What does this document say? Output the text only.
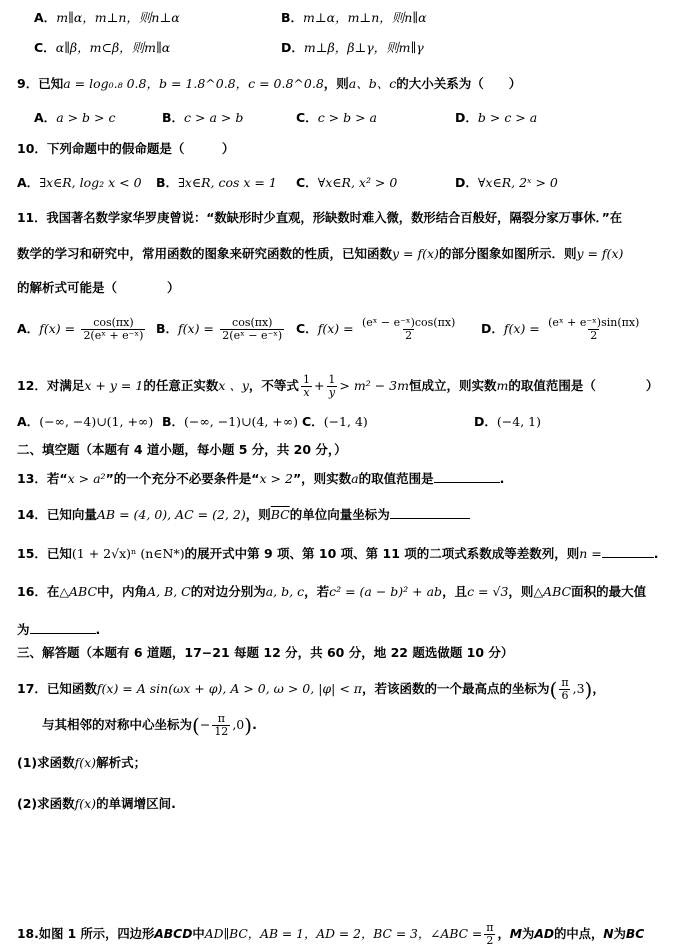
A．m∥α，m⊥n，则n⊥α	B．m⊥α，m⊥n，则n∥α
C．α∥β，m⊂β，则m∥α	D．m⊥β，β⊥γ，则m∥γ
9．已知a = log₀.₈ 0.8，b = 1.8^0.8，c = 0.8^0.8，则a、b、c的大小关系为（　　）
A．a > b > c	B．c > a > b	C．c > b > a	D．b > c > a
10．下列命题中的假命题是（　　　）
A．∃x∈R, log₂ x < 0 B．∃x∈R, cos x = 1 C．∀x∈R, x² > 0	D．∀x∈R, 2ˣ > 0
11．我国著名数学家华罗庚曾说：“数缺形时少直观，形缺数时难入微，数形结合百般好，隔裂分家万事休．”在
数学的学习和研究中，常用函数的图象来研究函数的性质，已知函数y = f(x)的部分图象如图所示．则y = f(x)
的解析式可能是（　　　　）
A．$f(x) = \frac{\cos(\pi x)}{\text{2(eˣ + e⁻ˣ)}}$ B．$f(x) = \frac{\cos(\pi x)}{\text{2(eˣ − e⁻ˣ)}}$ C．$f(x) = \frac{\text{(eˣ − e⁻ˣ)cos(πx)}}{2}$ D．$f(x) = \frac{\text{(eˣ + e⁻ˣ)sin(πx)}}{2}$
12．对满足x + y = 1的任意正实数x 、y，不等式 $\frac{1}{x} + \frac{1}{y} > m^2 - 3m$恒成立，则实数m的取值范围是（　　　　）
A．(−∞, −4)∪(1, +∞) B．(−∞, −1)∪(4, +∞) C．(−1, 4)	D．(−4, 1)
二、填空题（本题有 4 道小题，每小题 5 分，共 20 分，）
13．若“x > a²”的一个充分不必要条件是“x > 2”，则实数a的取值范围是	.
14．已知向量AB = (4, 0), AC = (2, 2)，则$\overline{BC}$的单位向量坐标为
15．已知(1 + 2√x)ⁿ (n∈N*)的展开式中第 9 项、第 10 项、第 11 项的二项式系数成等差数列，则n =	.
16．在△ABC中，内角A, B, C的对边分别为a, b, c，若c² = (a − b)² + ab，且c = √3，则△ABC面积的最大值
为	.
三、解答题（本题有 6 道题，17−21 每题 12 分，共 60 分，地 22 题选做题 10 分）
17．已知函数f(x) = A sin(ωx + φ), A > 0, ω > 0, |φ| < π，若该函数的一个最高点的坐标为( $\frac{\pi}{6} ,3$)，
与其相邻的对称中心坐标为(− $\frac{\pi}{12} ,0$).
(1)求函数f(x)解析式；
(2)求函数f(x)的单调增区间.
18.如图 1 所示，四边形ABCD中AD∥BC，AB = 1，AD = 2，BC = 3，∠ABC = $\frac{\pi}{2}$ ，M为AD的中点，N为BC
